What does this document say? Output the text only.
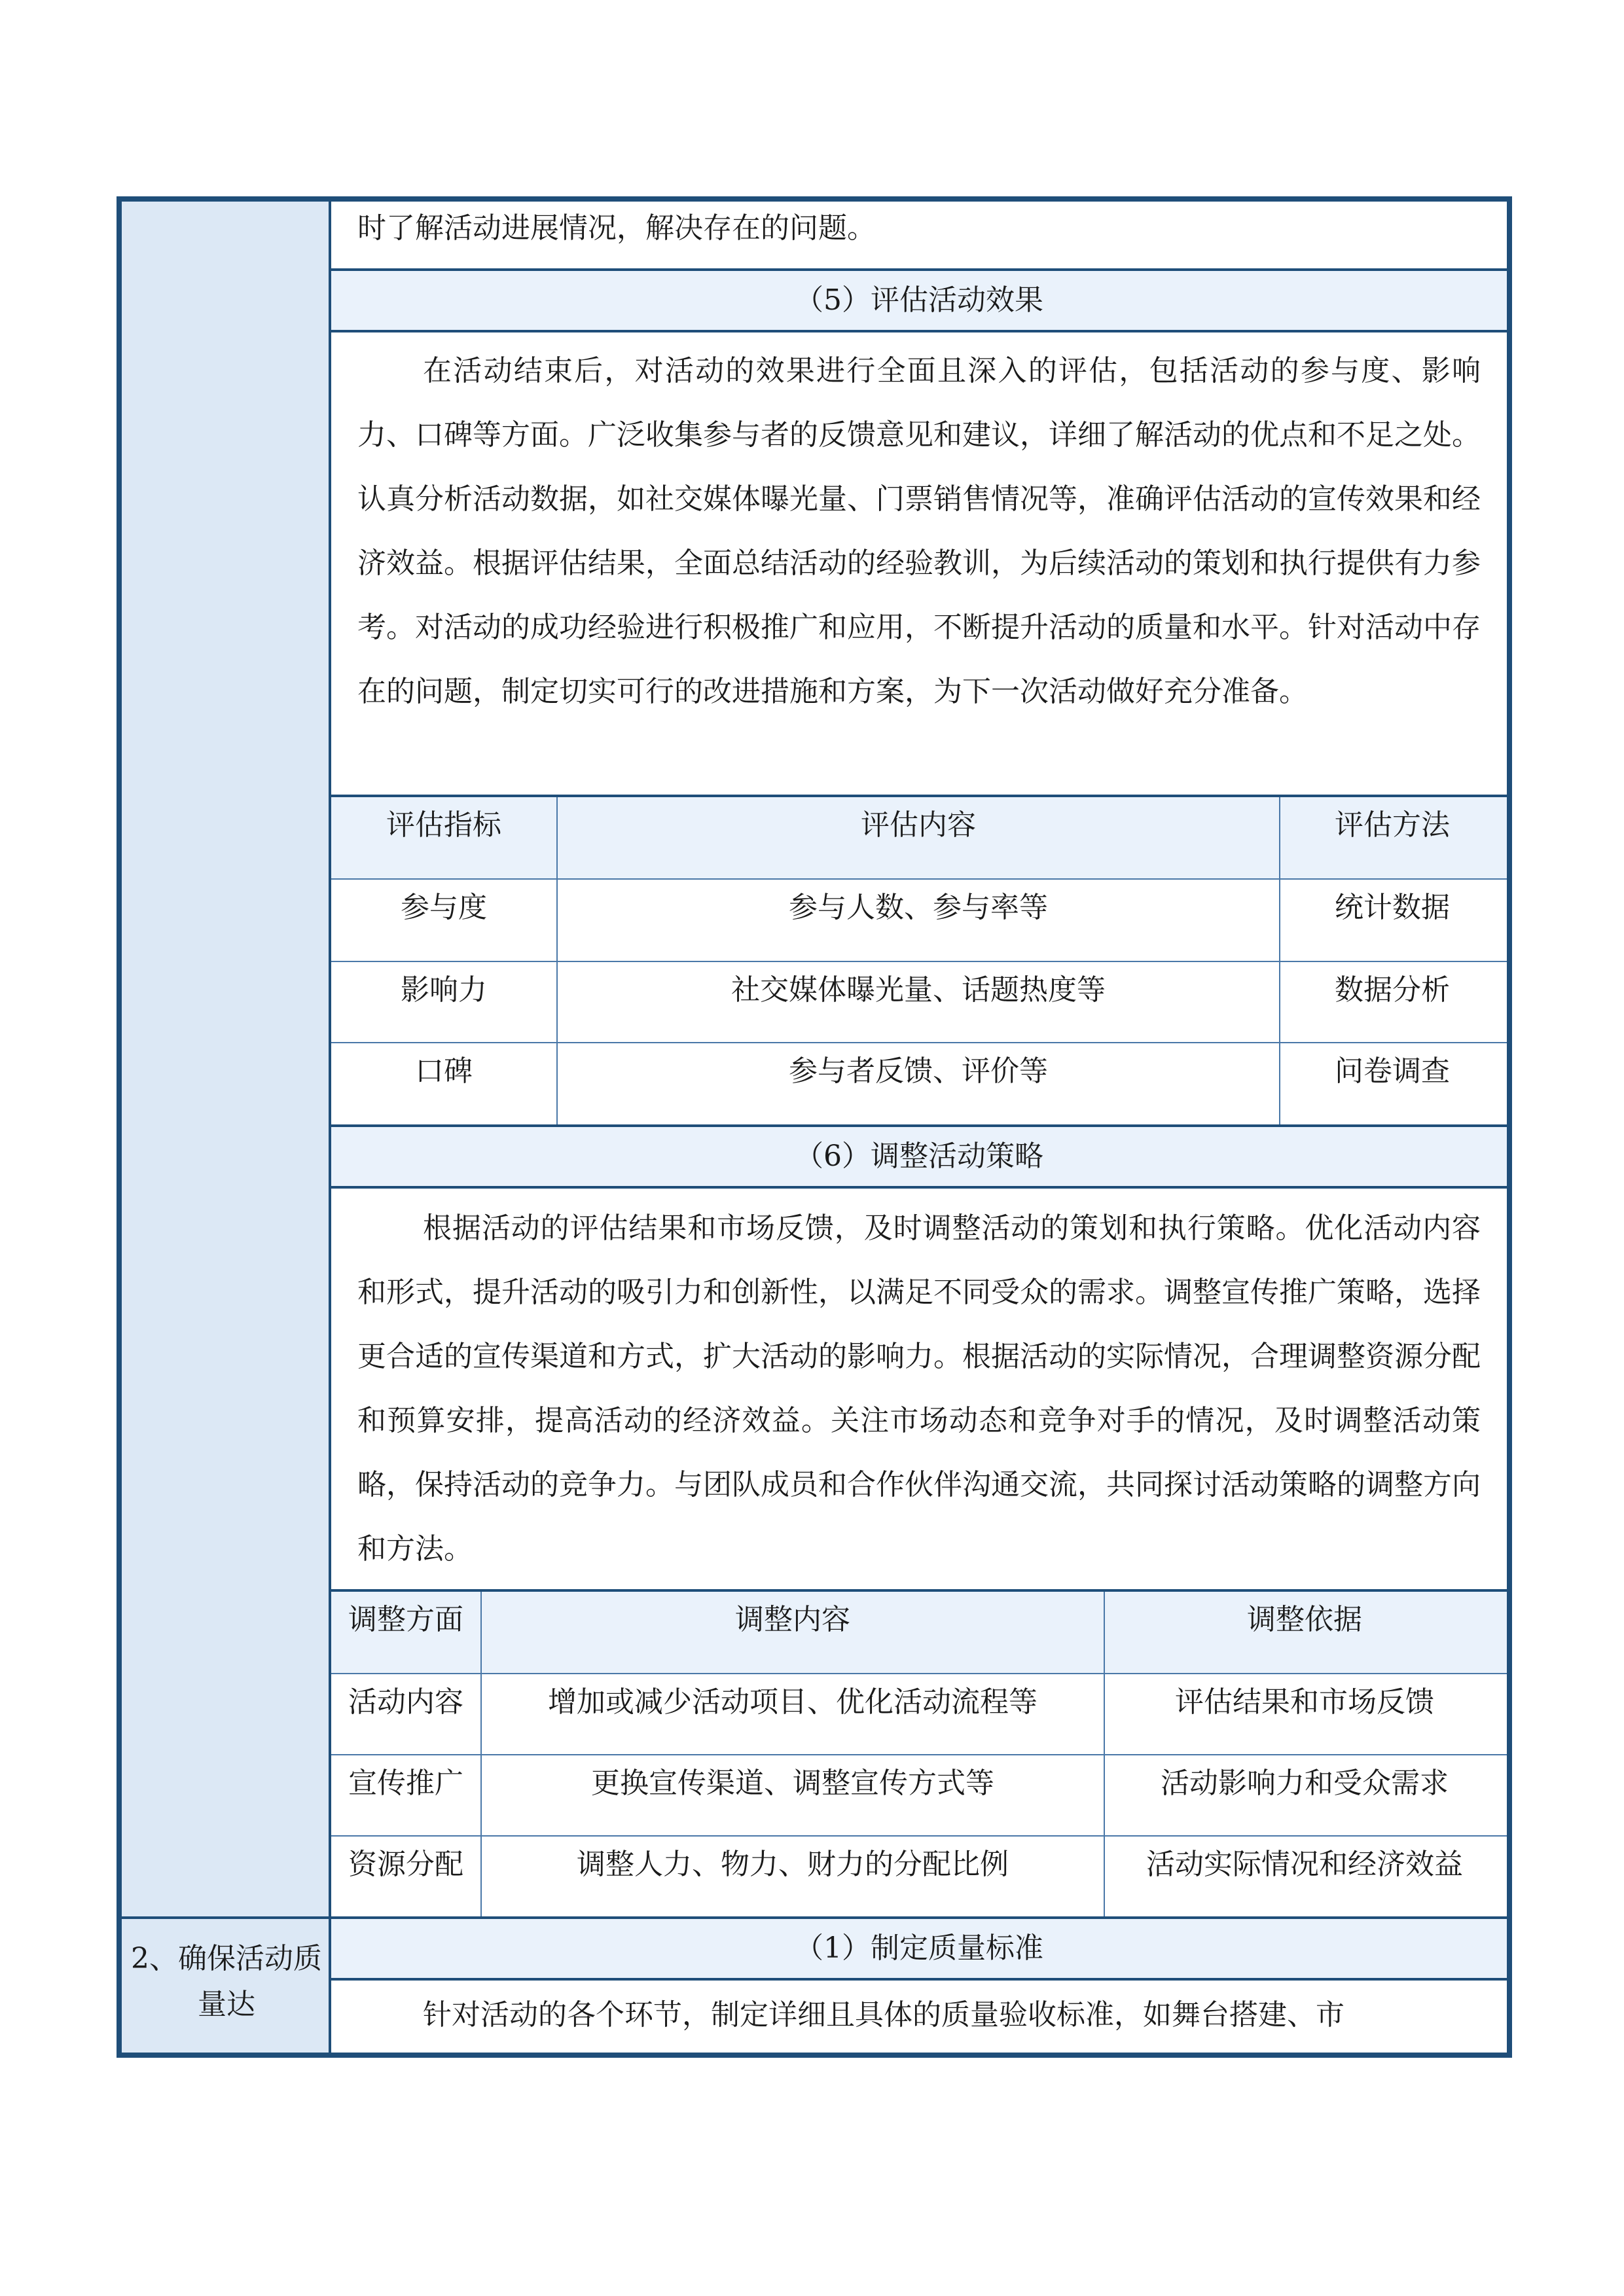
2、确保活动质量达

时了解活动进展情况，解决存在的问题。

（5）评估活动效果

在活动结束后，对活动的效果进行全面且深入的评估，包括活动的参与度、影响力、口碑等方面。广泛收集参与者的反馈意见和建议，详细了解活动的优点和不足之处。认真分析活动数据，如社交媒体曝光量、门票销售情况等，准确评估活动的宣传效果和经济效益。根据评估结果，全面总结活动的经验教训，为后续活动的策划和执行提供有力参考。对活动的成功经验进行积极推广和应用，不断提升活动的质量和水平。针对活动中存在的问题，制定切实可行的改进措施和方案，为下一次活动做好充分准备。

评估指标	评估内容	评估方法
参与度	参与人数、参与率等	统计数据
影响力	社交媒体曝光量、话题热度等	数据分析
口碑	参与者反馈、评价等	问卷调查
（6）调整活动策略

根据活动的评估结果和市场反馈，及时调整活动的策划和执行策略。优化活动内容和形式，提升活动的吸引力和创新性，以满足不同受众的需求。调整宣传推广策略，选择更合适的宣传渠道和方式，扩大活动的影响力。根据活动的实际情况，合理调整资源分配和预算安排，提高活动的经济效益。关注市场动态和竞争对手的情况，及时调整活动策略，保持活动的竞争力。与团队成员和合作伙伴沟通交流，共同探讨活动策略的调整方向和方法。

调整方面	调整内容	调整依据
活动内容	增加或减少活动项目、优化活动流程等	评估结果和市场反馈
宣传推广	更换宣传渠道、调整宣传方式等	活动影响力和受众需求
资源分配	调整人力、物力、财力的分配比例	活动实际情况和经济效益
（1）制定质量标准

针对活动的各个环节，制定详细且具体的质量验收标准，如舞台搭建、市
